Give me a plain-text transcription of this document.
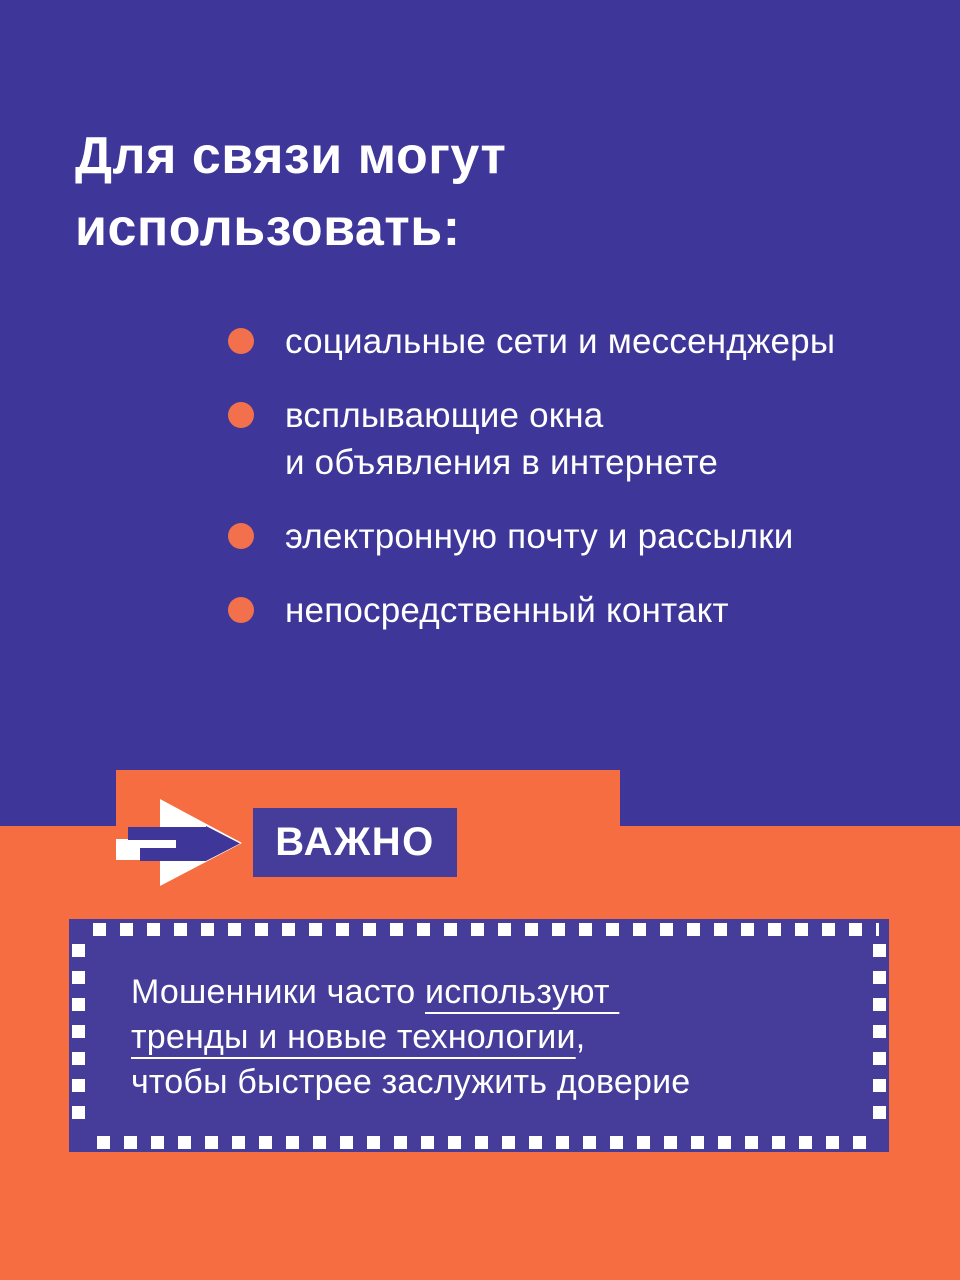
Для связи могут
использовать:
социальные сети и мессенджеры
всплывающие окна
и объявления в интернете
электронную почту и рассылки
непосредственный контакт
ВАЖНО
Мошенники часто используют
тренды и новые технологии,
чтобы быстрее заслужить доверие
